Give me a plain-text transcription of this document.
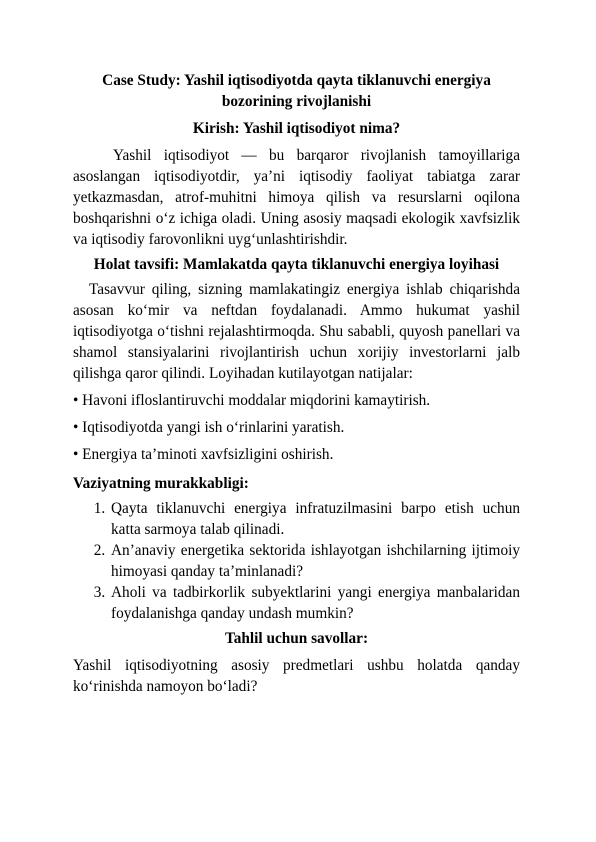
Case Study: Yashil iqtisodiyotda qayta tiklanuvchi energiya bozorining rivojlanishi

Kirish: Yashil iqtisodiyot nima?

Yashil iqtisodiyot — bu barqaror rivojlanish tamoyillariga asoslangan iqtisodiyotdir, ya’ni iqtisodiy faoliyat tabiatga zarar yetkazmasdan, atrof-muhitni himoya qilish va resurslarni oqilona boshqarishni o‘z ichiga oladi. Uning asosiy maqsadi ekologik xavfsizlik va iqtisodiy farovonlikni uyg‘unlashtirishdir.

Holat tavsifi: Mamlakatda qayta tiklanuvchi energiya loyihasi

Tasavvur qiling, sizning mamlakatingiz energiya ishlab chiqarishda asosan ko‘mir va neftdan foydalanadi. Ammo hukumat yashil iqtisodiyotga o‘tishni rejalashtirmoqda. Shu sababli, quyosh panellari va shamol stansiyalarini rivojlantirish uchun xorijiy investorlarni jalb qilishga qaror qilindi. Loyihadan kutilayotgan natijalar:

• Havoni ifloslantiruvchi moddalar miqdorini kamaytirish.

• Iqtisodiyotda yangi ish o‘rinlarini yaratish.

• Energiya ta’minoti xavfsizligini oshirish.

Vaziyatning murakkabligi:

1. Qayta tiklanuvchi energiya infratuzilmasini barpo etish uchun katta sarmoya talab qilinadi.
2. An’anaviy energetika sektorida ishlayotgan ishchilarning ijtimoiy himoyasi qanday ta’minlanadi?
3. Aholi va tadbirkorlik subyektlarini yangi energiya manbalaridan foydalanishga qanday undash mumkin?

Tahlil uchun savollar:

Yashil iqtisodiyotning asosiy predmetlari ushbu holatda qanday ko‘rinishda namoyon bo‘ladi?
